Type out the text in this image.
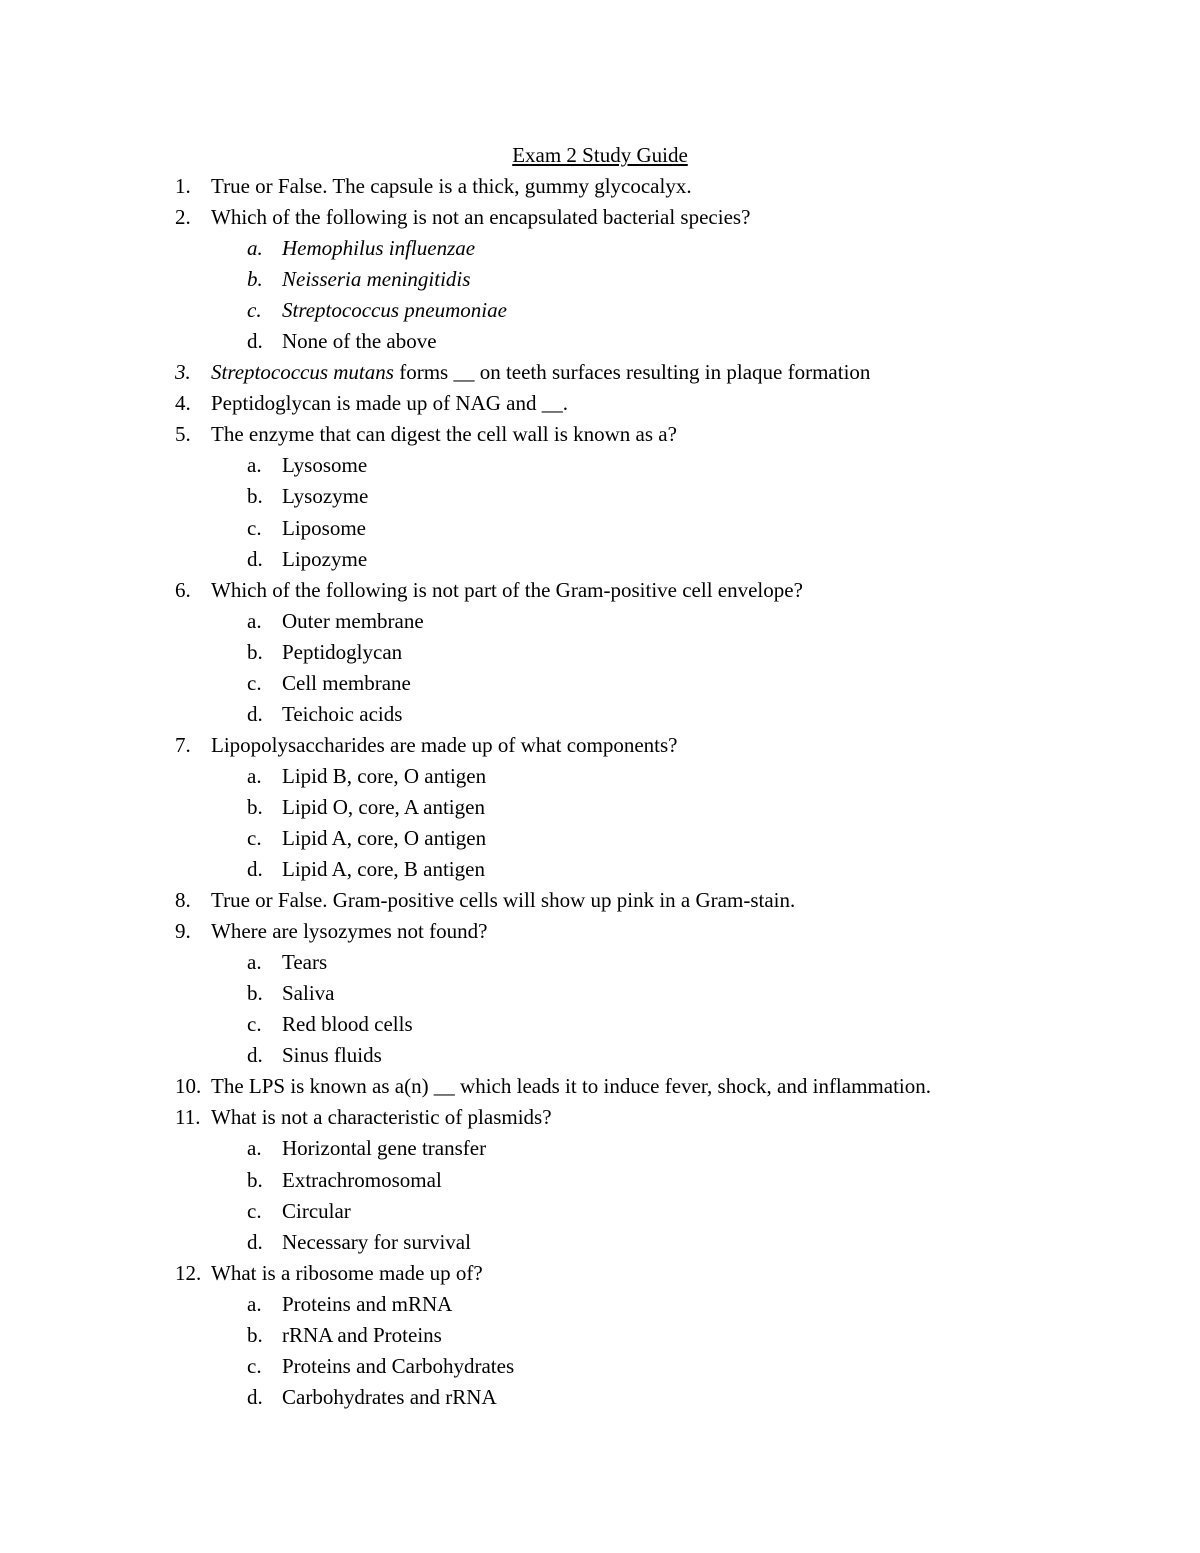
Exam 2 Study Guide
1. True or False. The capsule is a thick, gummy glycocalyx.
2. Which of the following is not an encapsulated bacterial species?
a. Hemophilus influenzae
b. Neisseria meningitidis
c. Streptococcus pneumoniae
d. None of the above
3. Streptococcus mutans forms __ on teeth surfaces resulting in plaque formation
4. Peptidoglycan is made up of NAG and __.
5. The enzyme that can digest the cell wall is known as a?
a. Lysosome
b. Lysozyme
c. Liposome
d. Lipozyme
6. Which of the following is not part of the Gram-positive cell envelope?
a. Outer membrane
b. Peptidoglycan
c. Cell membrane
d. Teichoic acids
7. Lipopolysaccharides are made up of what components?
a. Lipid B, core, O antigen
b. Lipid O, core, A antigen
c. Lipid A, core, O antigen
d. Lipid A, core, B antigen
8. True or False. Gram-positive cells will show up pink in a Gram-stain.
9. Where are lysozymes not found?
a. Tears
b. Saliva
c. Red blood cells
d. Sinus fluids
10. The LPS is known as a(n) __ which leads it to induce fever, shock, and inflammation.
11. What is not a characteristic of plasmids?
a. Horizontal gene transfer
b. Extrachromosomal
c. Circular
d. Necessary for survival
12. What is a ribosome made up of?
a. Proteins and mRNA
b. rRNA and Proteins
c. Proteins and Carbohydrates
d. Carbohydrates and rRNA
